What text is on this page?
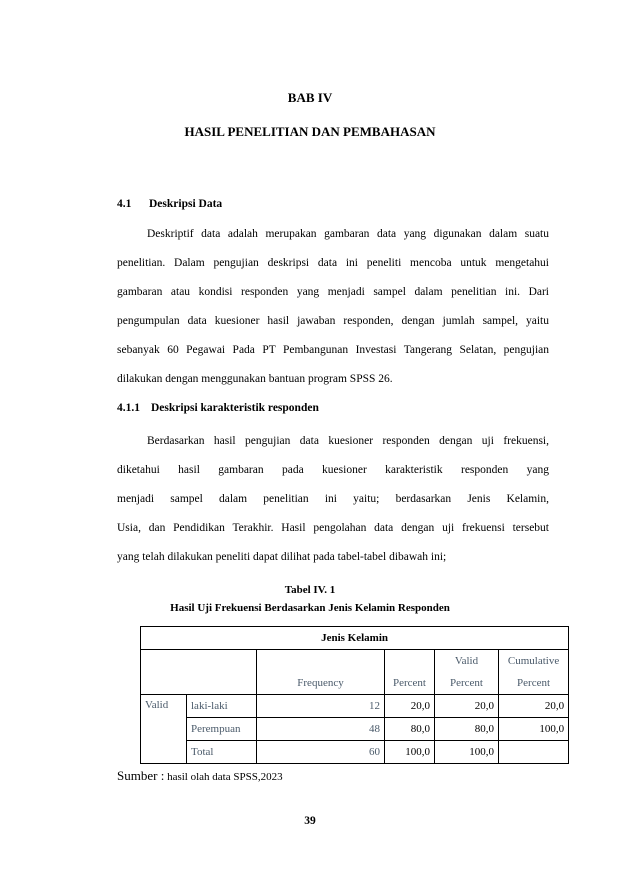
BAB IV
HASIL PENELITIAN DAN PEMBAHASAN
4.1 Deskripsi Data
Deskriptif data adalah merupakan gambaran data yang digunakan dalam suatu
penelitian. Dalam pengujian deskripsi data ini peneliti mencoba untuk mengetahui
gambaran atau kondisi responden yang menjadi sampel dalam penelitian ini. Dari
pengumpulan data kuesioner hasil jawaban responden, dengan jumlah sampel, yaitu
sebanyak 60 Pegawai Pada PT Pembangunan Investasi Tangerang Selatan, pengujian
dilakukan dengan menggunakan bantuan program SPSS 26.
4.1.1 Deskripsi karakteristik responden
Berdasarkan hasil pengujian data kuesioner responden dengan uji frekuensi,
diketahui hasil gambaran pada kuesioner karakteristik responden yang
menjadi sampel dalam penelitian ini yaitu; berdasarkan Jenis Kelamin,
Usia, dan Pendidikan Terakhir. Hasil pengolahan data dengan uji frekuensi tersebut
yang telah dilakukan peneliti dapat dilihat pada tabel-tabel dibawah ini;
Tabel IV. 1
Hasil Uji Frekuensi Berdasarkan Jenis Kelamin Responden
Jenis Kelamin					
				Valid	Cumulative
		Frequency	Percent	Percent	Percent
Valid	laki-laki	12	20,0	20,0	20,0
	Perempuan	48	80,0	80,0	100,0
	Total	60	100,0	100,0	
Sumber : hasil olah data SPSS,2023
39
